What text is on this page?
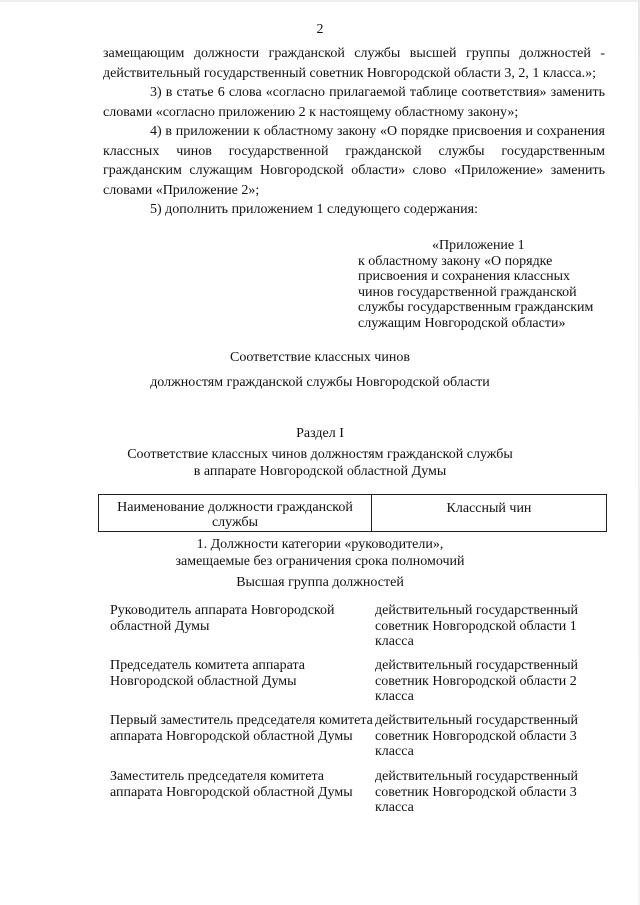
2

замещающим должности гражданской службы высшей группы должностей - действительный государственный советник Новгородской области 3, 2, 1 класса.»;

3) в статье 6 слова «согласно прилагаемой таблице соответствия» заменить словами «согласно приложению 2 к настоящему областному закону»;

4) в приложении к областному закону «О порядке присвоения и сохранения классных чинов государственной гражданской службы государственным гражданским служащим Новгородской области» слово «Приложение» заменить словами «Приложение 2»;

5) дополнить приложением 1 следующего содержания:

«Приложение 1
к областному закону «О порядке присвоения и сохранения классных чинов государственной гражданской службы государственным гражданским служащим Новгородской области»
Соответствие классных чинов
должностям гражданской службы Новгородской области
Раздел I
Соответствие классных чинов должностям гражданской службы
в аппарате Новгородской областной Думы
Наименование должности гражданской службы
Классный чин
1. Должности категории «руководители»,
замещаемые без ограничения срока полномочий
Высшая группа должностей
Руководитель аппарата Новгородской областной Думы
действительный государственный советник Новгородской области 1 класса
Председатель комитета аппарата Новгородской областной Думы
действительный государственный советник Новгородской области 2 класса
Первый заместитель председателя комитета аппарата Новгородской областной Думы
действительный государственный советник Новгородской области 3 класса
Заместитель председателя комитета аппарата Новгородской областной Думы
действительный государственный советник Новгородской области 3 класса
